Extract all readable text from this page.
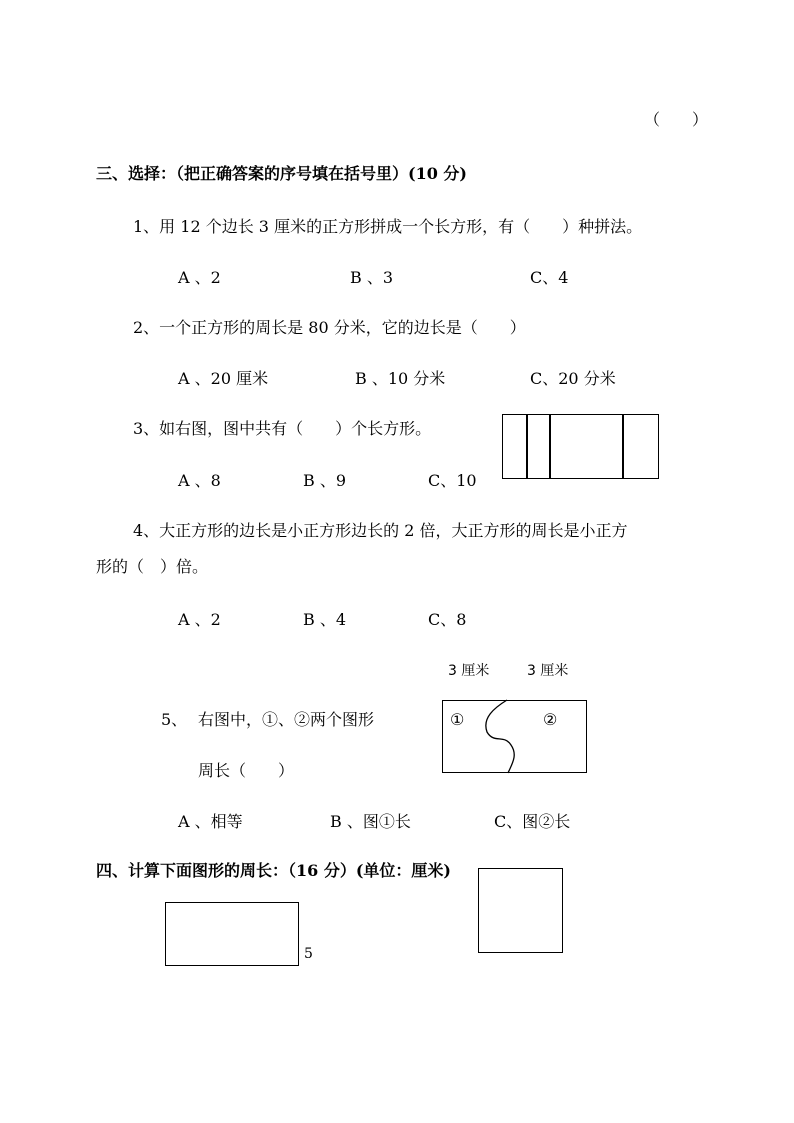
（　　）
三、选择：（把正确答案的序号填在括号里）(10 分)
1、用 12 个边长 3 厘米的正方形拼成一个长方形，有（　　）种拼法。
A 、2	B 、3	C、4
2、一个正方形的周长是 80 分米，它的边长是（　　）
A 、20 厘米	B 、10 分米	C、20 分米
3、如右图，图中共有（　　）个长方形。
A 、8	B 、9	C、10
4、大正方形的边长是小正方形边长的 2 倍，大正方形的周长是小正方
形的（　）倍。
A 、2	B 、4	C、8
3 厘米	3 厘米
5、 右图中，①、②两个图形
周长（　　）
①	②
A 、相等	B 、图①长	C、图②长
四、计算下面图形的周长：（16 分）(单位：厘米)
5
